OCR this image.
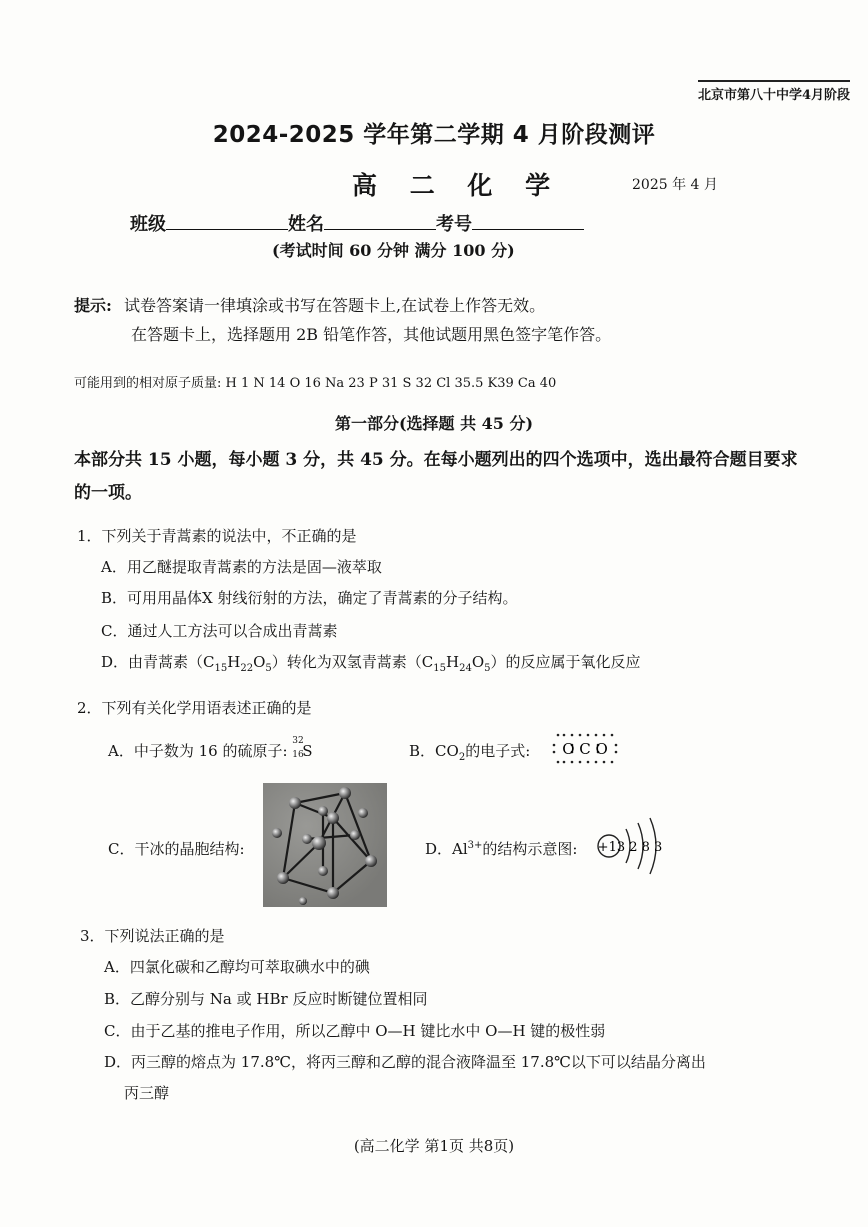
北京市第八十中学4月阶段
2024-2025 学年第二学期 4 月阶段测评
高 二 化 学	2025 年 4 月
班级	姓名	考号
(考试时间 60 分钟 满分 100 分)
提示: 试卷答案请一律填涂或书写在答题卡上,在试卷上作答无效。
在答题卡上，选择题用 2B 铅笔作答，其他试题用黑色签字笔作答。
可能用到的相对原子质量: H 1 N 14 O 16 Na 23 P 31 S 32 Cl 35.5 K39 Ca 40
第一部分(选择题 共 45 分)
本部分共 15 小题，每小题 3 分，共 45 分。在每小题列出的四个选项中，选出最符合题目要求的一项。
1．下列关于青蒿素的说法中，不正确的是
A．用乙醚提取青蒿素的方法是固—液萃取
B．可用用晶体X 射线衍射的方法，确定了青蒿素的分子结构。
C．通过人工方法可以合成出青蒿素
D．由青蒿素$(C_{15}H_{22}O_5)$转化为双氢青蒿素$(C_{15}H_{24}O_5)$的反应属于氧化反应
2．下列有关化学用语表述正确的是
A．中子数为 16 的硫原子:
32
16
S	B．$CO_2$的电子式: O C O
C．干冰的晶胞结构:	D．$Al^{3+}$的结构示意图: +13 2 8 3
3．下列说法正确的是
A．四氯化碳和乙醇均可萃取碘水中的碘
B．乙醇分别与 Na 或 HBr 反应时断键位置相同
C．由于乙基的推电子作用，所以乙醇中 O—H 键比水中 O—H 键的极性弱
D．丙三醇的熔点为 17.8℃，将丙三醇和乙醇的混合液降温至 17.8℃以下可以结晶分离出
丙三醇
(高二化学 第1页 共8页)
